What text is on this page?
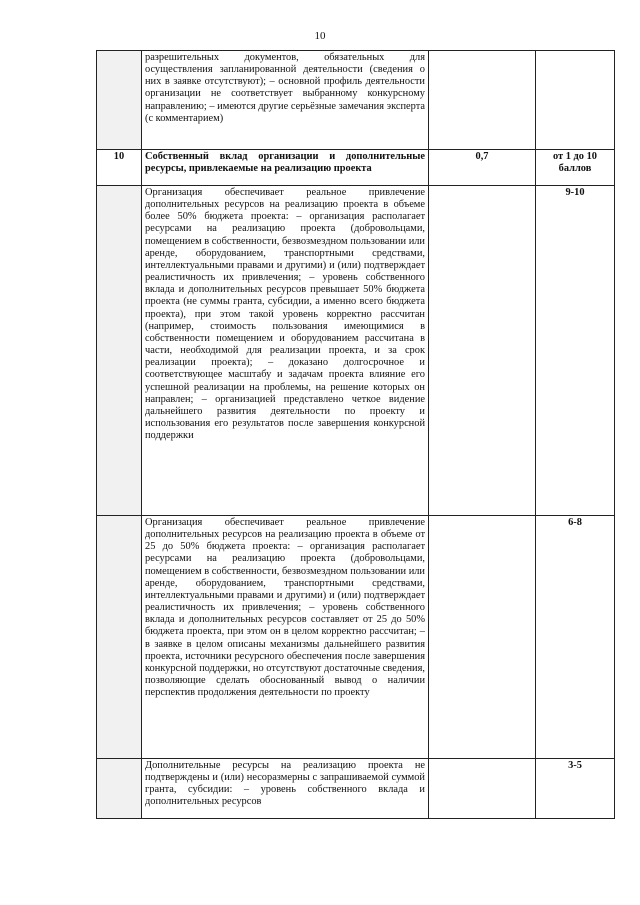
10
	разрешительных документов, обязательных для осуществления запланированной деятельности (сведения о них в заявке отсутствуют); – основной профиль деятельности организации не соответствует выбранному конкурсному направлению; – имеются другие серьёзные замечания эксперта (с комментарием)		
10	Собственный вклад организации и дополнительные ресурсы, привлекаемые на реализацию проекта	0,7	от 1 до 10 баллов
	Организация обеспечивает реальное привлечение дополнительных ресурсов на реализацию проекта в объеме более 50% бюджета проекта: – организация располагает ресурсами на реализацию проекта (добровольцами, помещением в собственности, безвозмездном пользовании или аренде, оборудованием, транспортными средствами, интеллектуальными правами и другими) и (или) подтверждает реалистичность их привлечения; – уровень собственного вклада и дополнительных ресурсов превышает 50% бюджета проекта (не суммы гранта, субсидии, а именно всего бюджета проекта), при этом такой уровень корректно рассчитан (например, стоимость пользования имеющимися в собственности помещением и оборудованием рассчитана в части, необходимой для реализации проекта, и за срок реализации проекта); – доказано долгосрочное и соответствующее масштабу и задачам проекта влияние его успешной реализации на проблемы, на решение которых он направлен; – организацией представлено четкое видение дальнейшего развития деятельности по проекту и использования его результатов после завершения конкурсной поддержки		9-10
	Организация обеспечивает реальное привлечение дополнительных ресурсов на реализацию проекта в объеме от 25 до 50% бюджета проекта: – организация располагает ресурсами на реализацию проекта (добровольцами, помещением в собственности, безвозмездном пользовании или аренде, оборудованием, транспортными средствами, интеллектуальными правами и другими) и (или) подтверждает реалистичность их привлечения; – уровень собственного вклада и дополнительных ресурсов составляет от 25 до 50% бюджета проекта, при этом он в целом корректно рассчитан; – в заявке в целом описаны механизмы дальнейшего развития проекта, источники ресурсного обеспечения после завершения конкурсной поддержки, но отсутствуют достаточные сведения, позволяющие сделать обоснованный вывод о наличии перспектив продолжения деятельности по проекту		6-8
	Дополнительные ресурсы на реализацию проекта не подтверждены и (или) несоразмерны с запрашиваемой суммой гранта, субсидии: – уровень собственного вклада и дополнительных ресурсов		3-5
